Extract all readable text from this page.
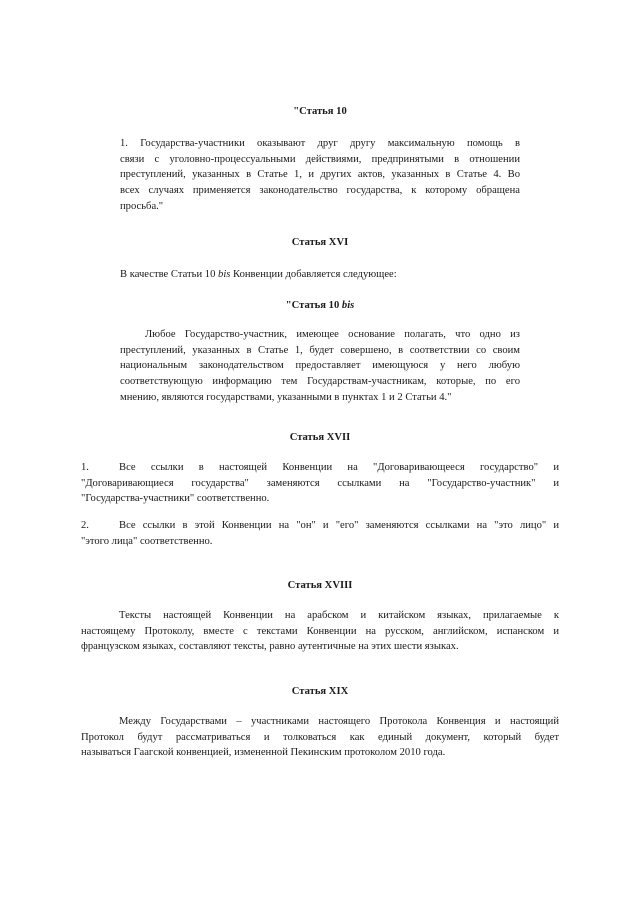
"Статья 10
1. Государства-участники оказывают друг другу максимальную помощь в
связи с уголовно-процессуальными действиями, предпринятыми в отношении
преступлений, указанных в Статье 1, и других актов, указанных в Статье 4. Во
всех случаях применяется законодательство государства, к которому обращена
просьба."
Статья XVI
В качестве Статьи 10 bis Конвенции добавляется следующее:
"Статья 10 bis
Любое Государство-участник, имеющее основание полагать, что одно из
преступлений, указанных в Статье 1, будет совершено, в соответствии со своим
национальным законодательством предоставляет имеющуюся у него любую
соответствующую информацию тем Государствам-участникам, которые, по его
мнению, являются государствами, указанными в пунктах 1 и 2 Статьи 4."
Статья XVII
1.	Все ссылки в настоящей Конвенции на "Договаривающееся государство" и
"Договаривающиеся государства" заменяются ссылками на "Государство-участник" и
"Государства-участники" соответственно.
2.	Все ссылки в этой Конвенции на "он" и "его" заменяются ссылками на "это лицо" и
"этого лица" соответственно.
Статья XVIII
Тексты настоящей Конвенции на арабском и китайском языках, прилагаемые к
настоящему Протоколу, вместе с текстами Конвенции на русском, английском, испанском и
французском языках, составляют тексты, равно аутентичные на этих шести языках.
Статья XIX
Между Государствами – участниками настоящего Протокола Конвенция и настоящий
Протокол будут рассматриваться и толковаться как единый документ, который будет
называться Гаагской конвенцией, измененной Пекинским протоколом 2010 года.
